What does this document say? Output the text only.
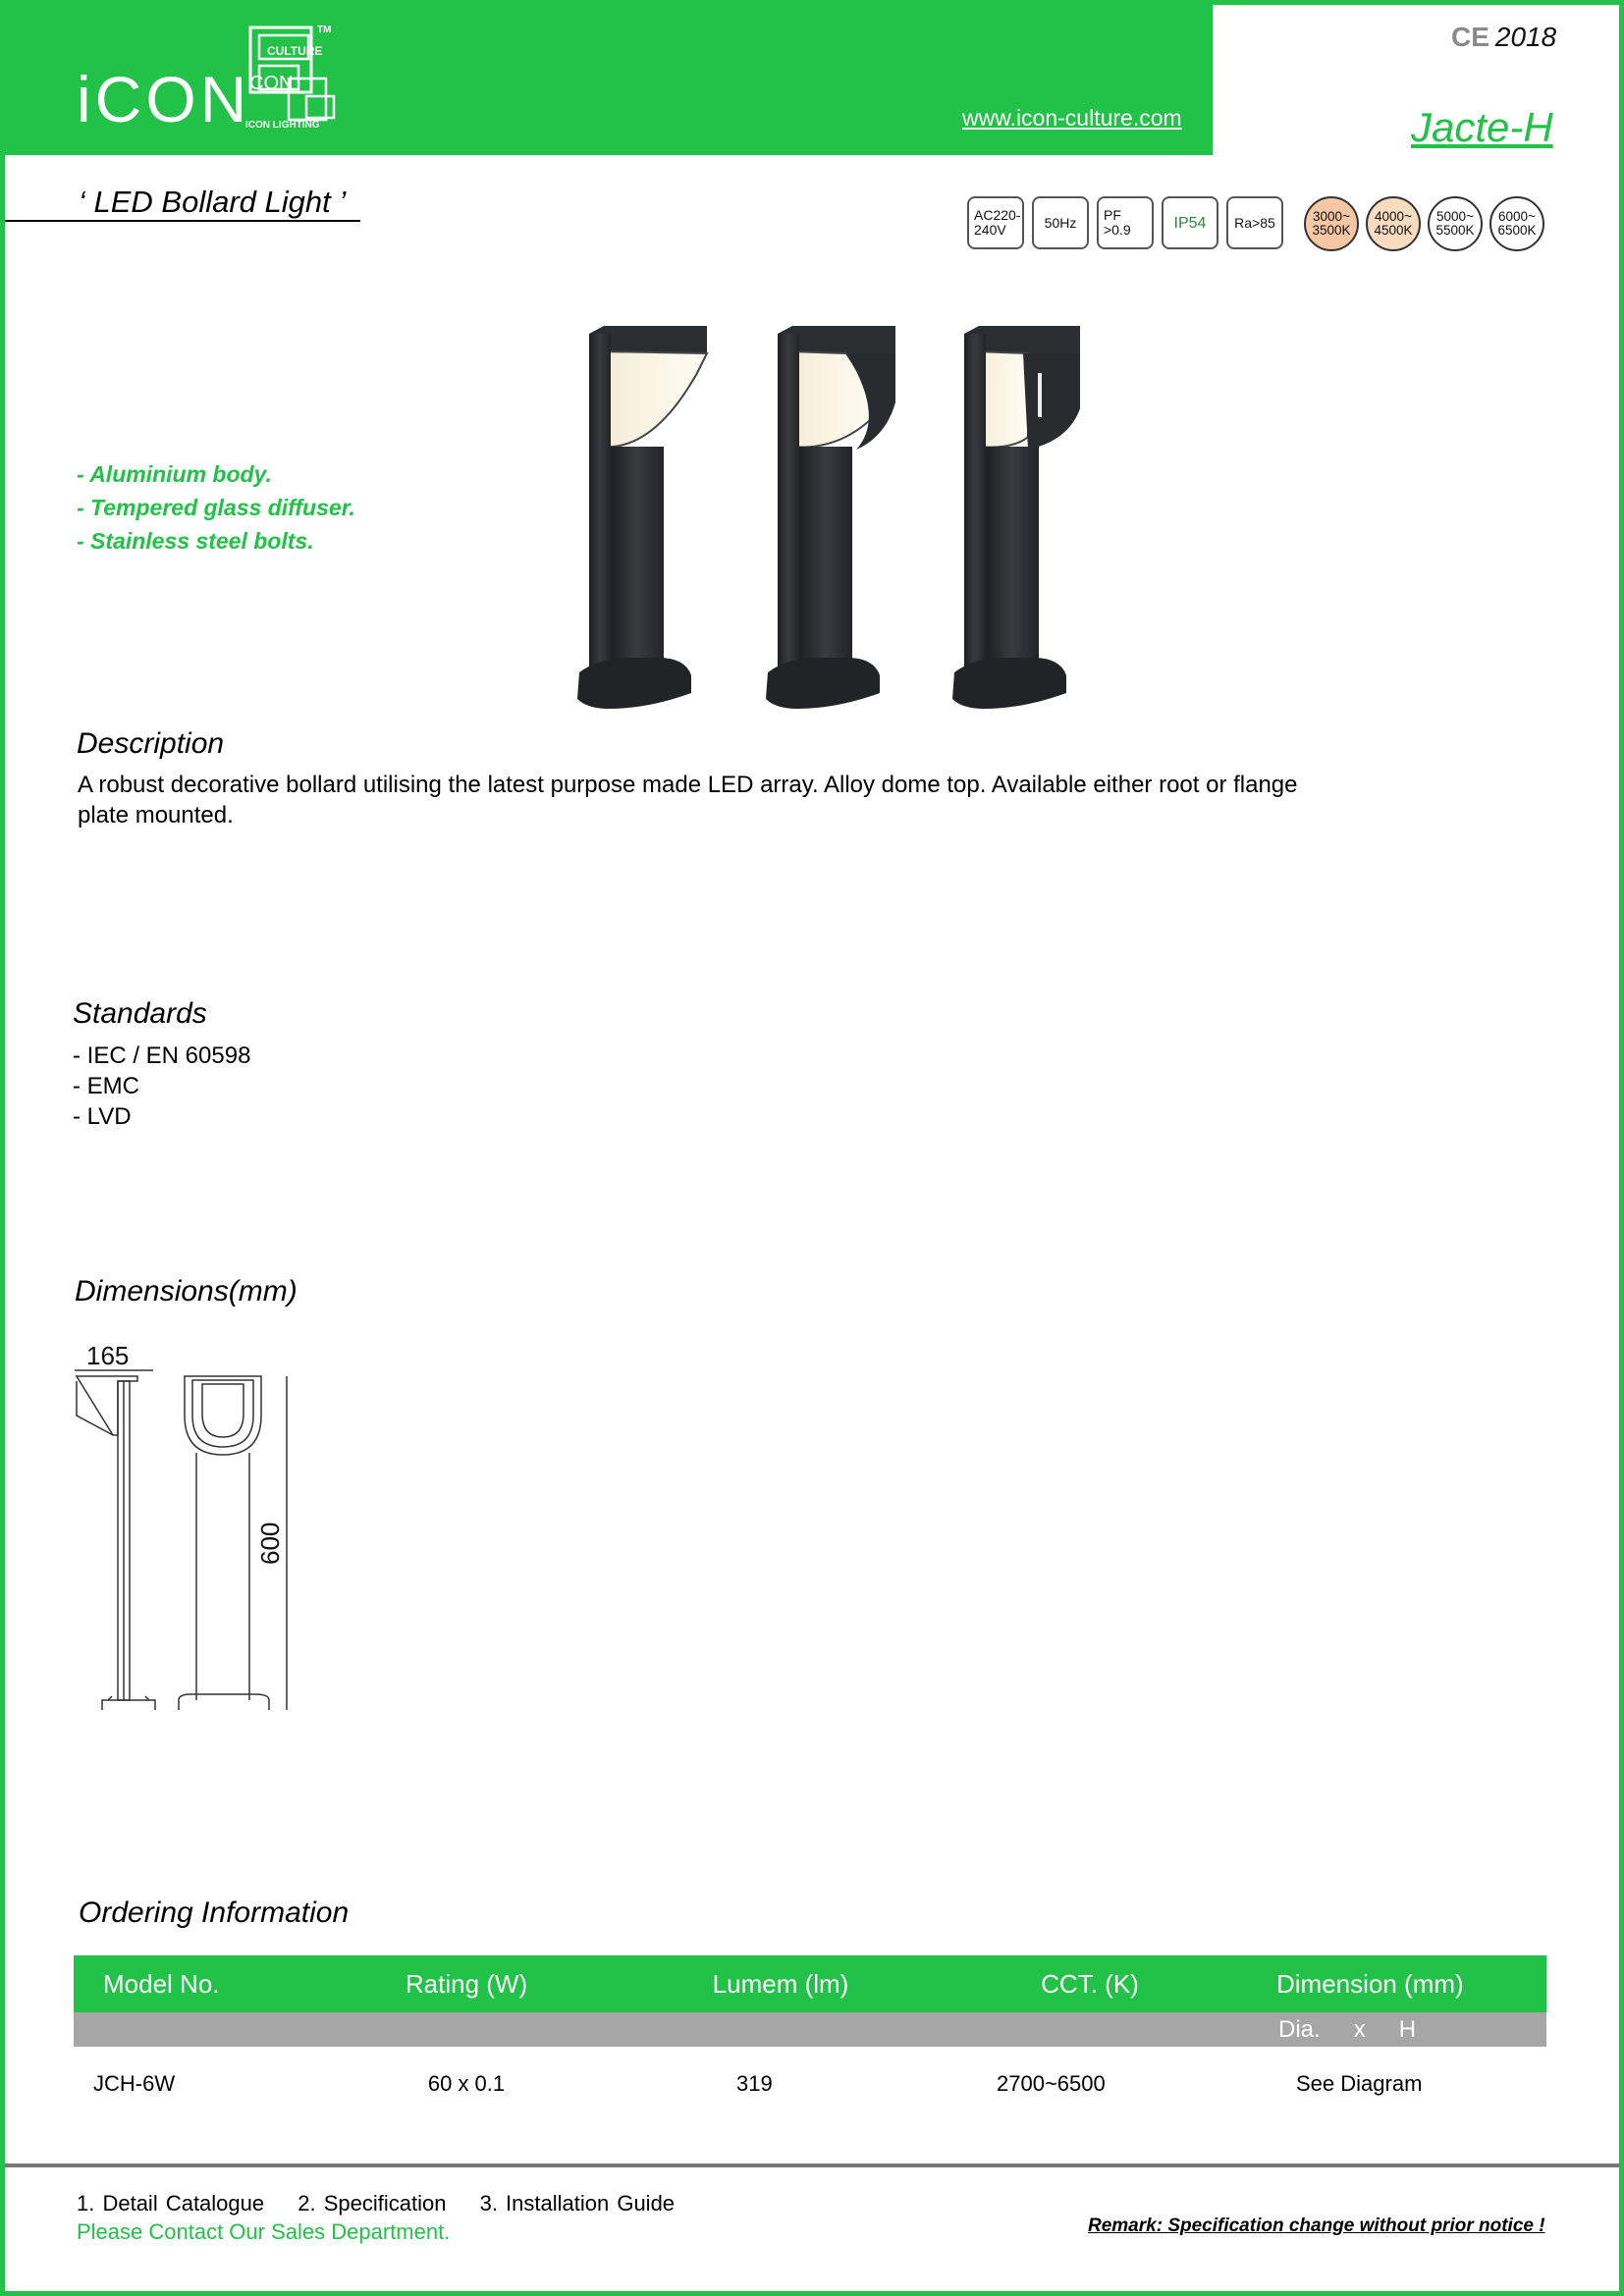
iCON
CULTURE
CON
TM
ICON LIGHTING	www.icon-culture.com
CE 2018
Jacte-H
‘ LED Bollard Light ’	AC220-
240V	50Hz PF
>0.9	IP54 Ra>85	3000~
3500K
4000~
4500K
5000~
5500K
6000~
6500K
- Aluminium body.
- Tempered glass diffuser.
- Stainless steel bolts.
Description
A robust decorative bollard utilising the latest purpose made LED array. Alloy dome top. Available either root or flange plate mounted.
Standards
- IEC / EN 60598
- EMC
- LVD
Dimensions(mm)
165
600
Ordering Information
Model No.	Rating (W)	Lumem (lm)	CCT. (K)	Dimension (mm)
				Dia. x H
JCH-6W	60 x 0.1	319	2700~6500	See Diagram
1. Detail Catalogue 2. Specification 3. Installation Guide
Please Contact Our Sales Department.	Remark: Specification change without prior notice !
